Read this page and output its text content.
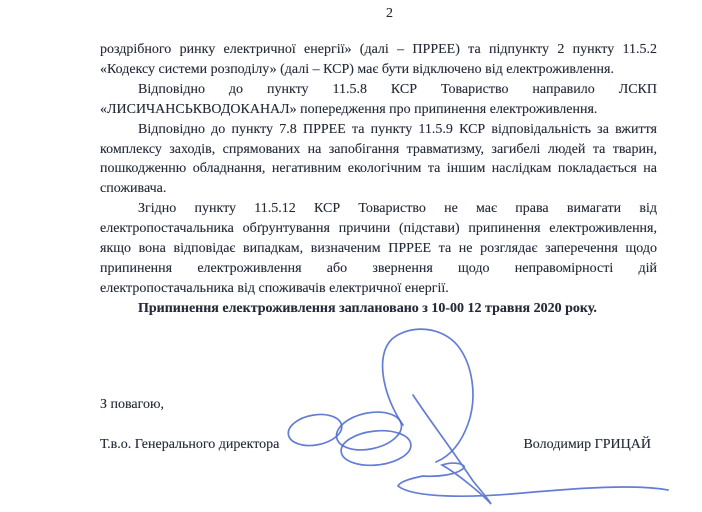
2
роздрібного ринку електричної енергії» (далі – ПРРЕЕ) та підпункту 2 пункту 11.5.2
«Кодексу системи розподілу» (далі – КСР) має бути відключено від електроживлення.
Відповідно до пункту 11.5.8 КСР Товариство направило ЛСКП
«ЛИСИЧАНСЬКВОДОКАНАЛ» попередження про припинення електроживлення.
Відповідно до пункту 7.8 ПРРЕЕ та пункту 11.5.9 КСР відповідальність за вжиття
комплексу заходів, спрямованих на запобігання травматизму, загибелі людей та тварин,
пошкодженню обладнання, негативним екологічним та іншим наслідкам покладається на
споживача.
Згідно пункту 11.5.12 КСР Товариство не має права вимагати від
електропостачальника обґрунтування причини (підстави) припинення електроживлення,
якщо вона відповідає випадкам, визначеним ПРРЕЕ та не розглядає заперечення щодо
припинення електроживлення або звернення щодо неправомірності дій
електропостачальника від споживачів електричної енергії.
Припинення електроживлення заплановано з 10-00 12 травня 2020 року.
З повагою,
Т.в.о. Генерального директора	Володимир ГРИЦАЙ
